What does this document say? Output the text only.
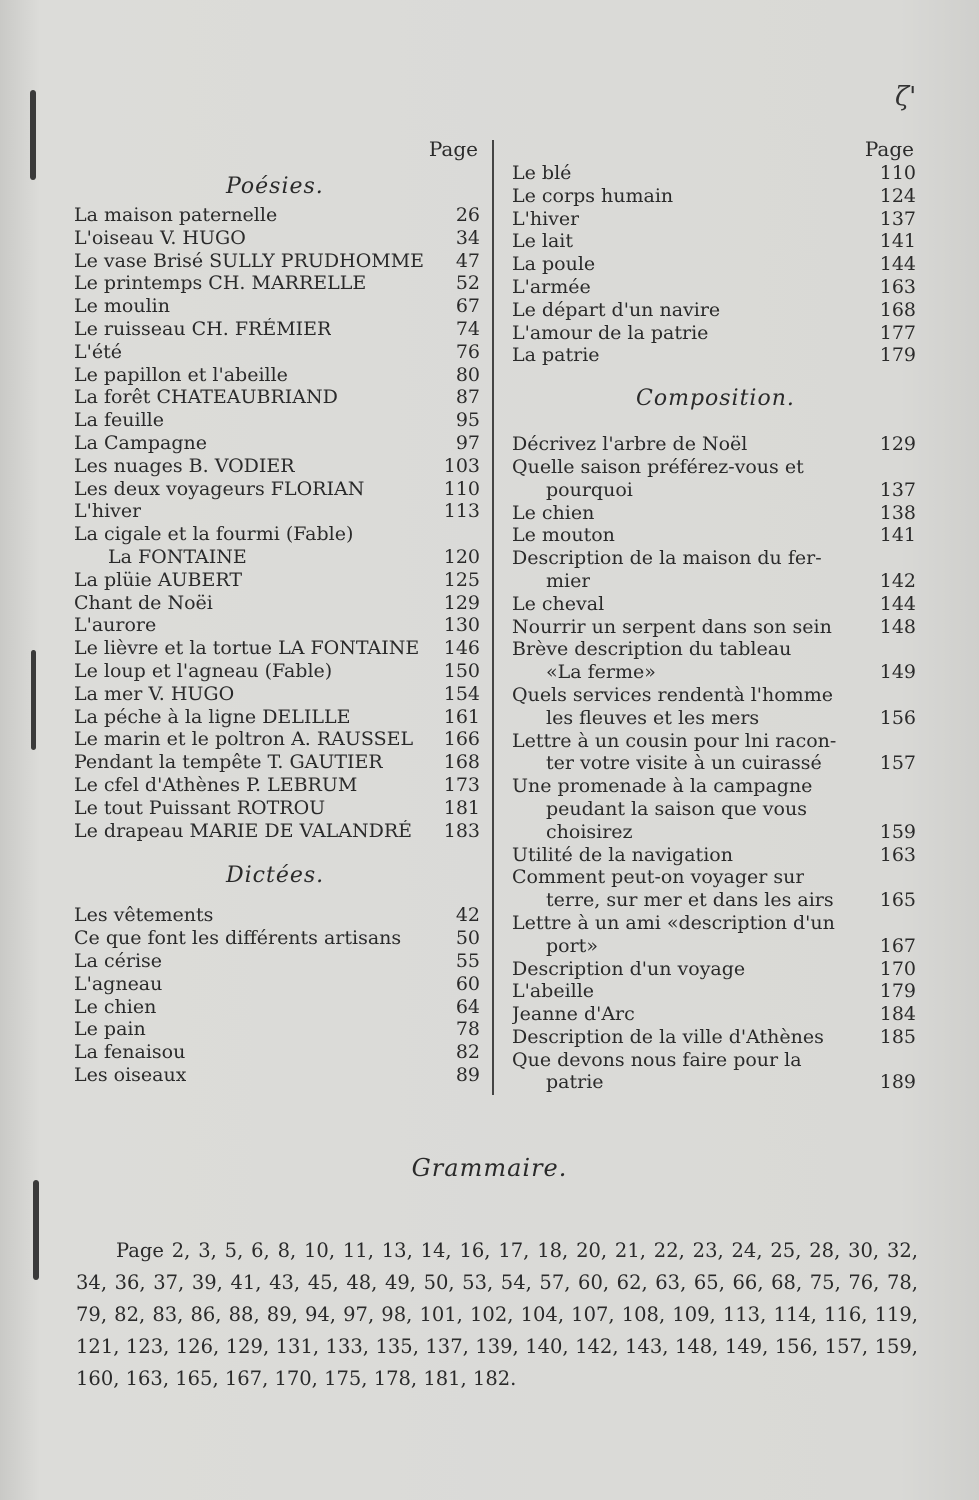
ζ'
Page
Poésies.
La maison paternelle	26
L'oiseau V. HUGO	34
Le vase Brisé SULLY PRUDHOMME 47
Le printemps CH. MARRELLE	52
Le moulin	67
Le ruisseau CH. FRÉMIER	74
L'été	76
Le papillon et l'abeille	80
La forêt CHATEAUBRIAND	87
La feuille	95
La Campagne	97
Les nuages B. VODIER	103
Les deux voyageurs FLORIAN	110
L'hiver	113
La cigale et la fourmi (Fable)
La FONTAINE	120
La plüie AUBERT	125
Chant de Noëi	129
L'aurore	130
Le lièvre et la tortue LA FONTAINE 146
Le loup et l'agneau (Fable)	150
La mer V. HUGO	154
La péche à la ligne DELILLE	161
Le marin et le poltron A. RAUSSEL 166
Pendant la tempête T. GAUTIER	168
Le cfel d'Athènes P. LEBRUM	173
Le tout Puissant ROTROU	181
Le drapeau MARIE DE VALANDRÉ 183
Dictées.
Les vêtements	42
Ce que font les différents artisans	50
La cérise	55
L'agneau	60
Le chien	64
Le pain	78
La fenaisou	82
Les oiseaux	89
Page
Le blé	110
Le corps humain	124
L'hiver	137
Le lait	141
La poule	144
L'armée	163
Le départ d'un navire	168
L'amour de la patrie	177
La patrie	179
Composition.
Décrivez l'arbre de Noël	129
Quelle saison préférez-vous et
pourquoi	137
Le chien	138
Le mouton	141
Description de la maison du fer-
mier	142
Le cheval	144
Nourrir un serpent dans son sein	148
Brève description du tableau
«La ferme»	149
Quels services rendentà l'homme
les fleuves et les mers	156
Lettre à un cousin pour lni racon-
ter votre visite à un cuirassé	157
Une promenade à la campagne
peudant la saison que vous
choisirez	159
Utilité de la navigation	163
Comment peut-on voyager sur
terre, sur mer et dans les airs 165
Lettre à un ami «description d'un
port»	167
Description d'un voyage	170
L'abeille	179
Jeanne d'Arc	184
Description de la ville d'Athènes	185
Que devons nous faire pour la
patrie	189
Grammaire.
Page 2, 3, 5, 6, 8, 10, 11, 13, 14, 16, 17, 18, 20, 21, 22, 23, 24, 25, 28, 30, 32, 34, 36, 37, 39, 41, 43, 45, 48, 49, 50, 53, 54, 57, 60, 62, 63, 65, 66, 68, 75, 76, 78, 79, 82, 83, 86, 88, 89, 94, 97, 98, 101, 102, 104, 107, 108, 109, 113, 114, 116, 119, 121, 123, 126, 129, 131, 133, 135, 137, 139, 140, 142, 143, 148, 149, 156, 157, 159, 160, 163, 165, 167, 170, 175, 178, 181, 182.
